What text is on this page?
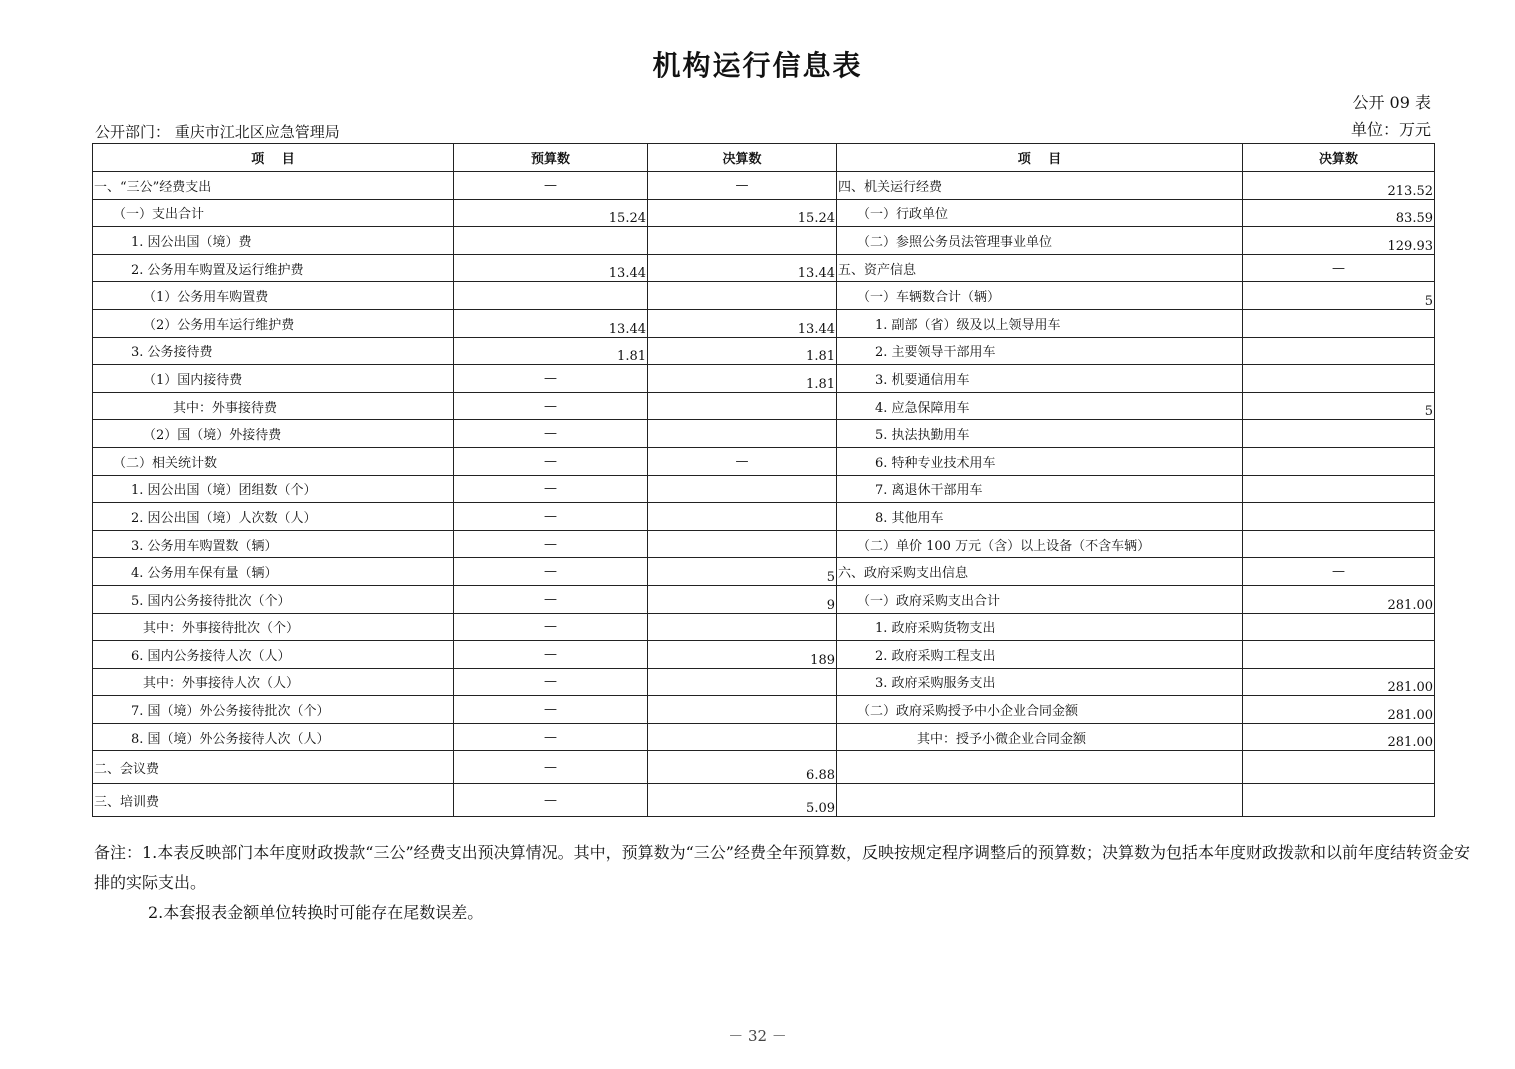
机构运行信息表
公开 09 表
单位：万元
公开部门： 重庆市江北区应急管理局
项　 目	预算数	决算数	项　 目	决算数
一、“三公”经费支出	—	—	四、机关运行经费	213.52
（一）支出合计	15.24	15.24	（一）行政单位	83.59
1. 因公出国（境）费			（二）参照公务员法管理事业单位	129.93
2. 公务用车购置及运行维护费	13.44	13.44	五、资产信息	—
（1）公务用车购置费			（一）车辆数合计（辆）	5
（2）公务用车运行维护费	13.44	13.44	1. 副部（省）级及以上领导用车	
3. 公务接待费	1.81	1.81	2. 主要领导干部用车	
（1）国内接待费	—	1.81	3. 机要通信用车	
其中：外事接待费	—		4. 应急保障用车	5
（2）国（境）外接待费	—		5. 执法执勤用车	
（二）相关统计数	—	—	6. 特种专业技术用车	
1. 因公出国（境）团组数（个）	—		7. 离退休干部用车	
2. 因公出国（境）人次数（人）	—		8. 其他用车	
3. 公务用车购置数（辆）	—		（二）单价 100 万元（含）以上设备（不含车辆）	
4. 公务用车保有量（辆）	—	5	六、政府采购支出信息	—
5. 国内公务接待批次（个）	—	9	（一）政府采购支出合计	281.00
其中：外事接待批次（个）	—		1. 政府采购货物支出	
6. 国内公务接待人次（人）	—	189	2. 政府采购工程支出	
其中：外事接待人次（人）	—		3. 政府采购服务支出	281.00
7. 国（境）外公务接待批次（个）	—		（二）政府采购授予中小企业合同金额	281.00
8. 国（境）外公务接待人次（人）	—		其中：授予小微企业合同金额	281.00
二、会议费	—	6.88		
三、培训费	—	5.09		
备注：1.本表反映部门本年度财政拨款“三公”经费支出预决算情况。其中，预算数为“三公”经费全年预算数，反映按规定程序调整后的预算数；决算数为包括本年度财政拨款和以前年度结转资金安排的实际支出。
2.本套报表金额单位转换时可能存在尾数误差。
－ 32 －
